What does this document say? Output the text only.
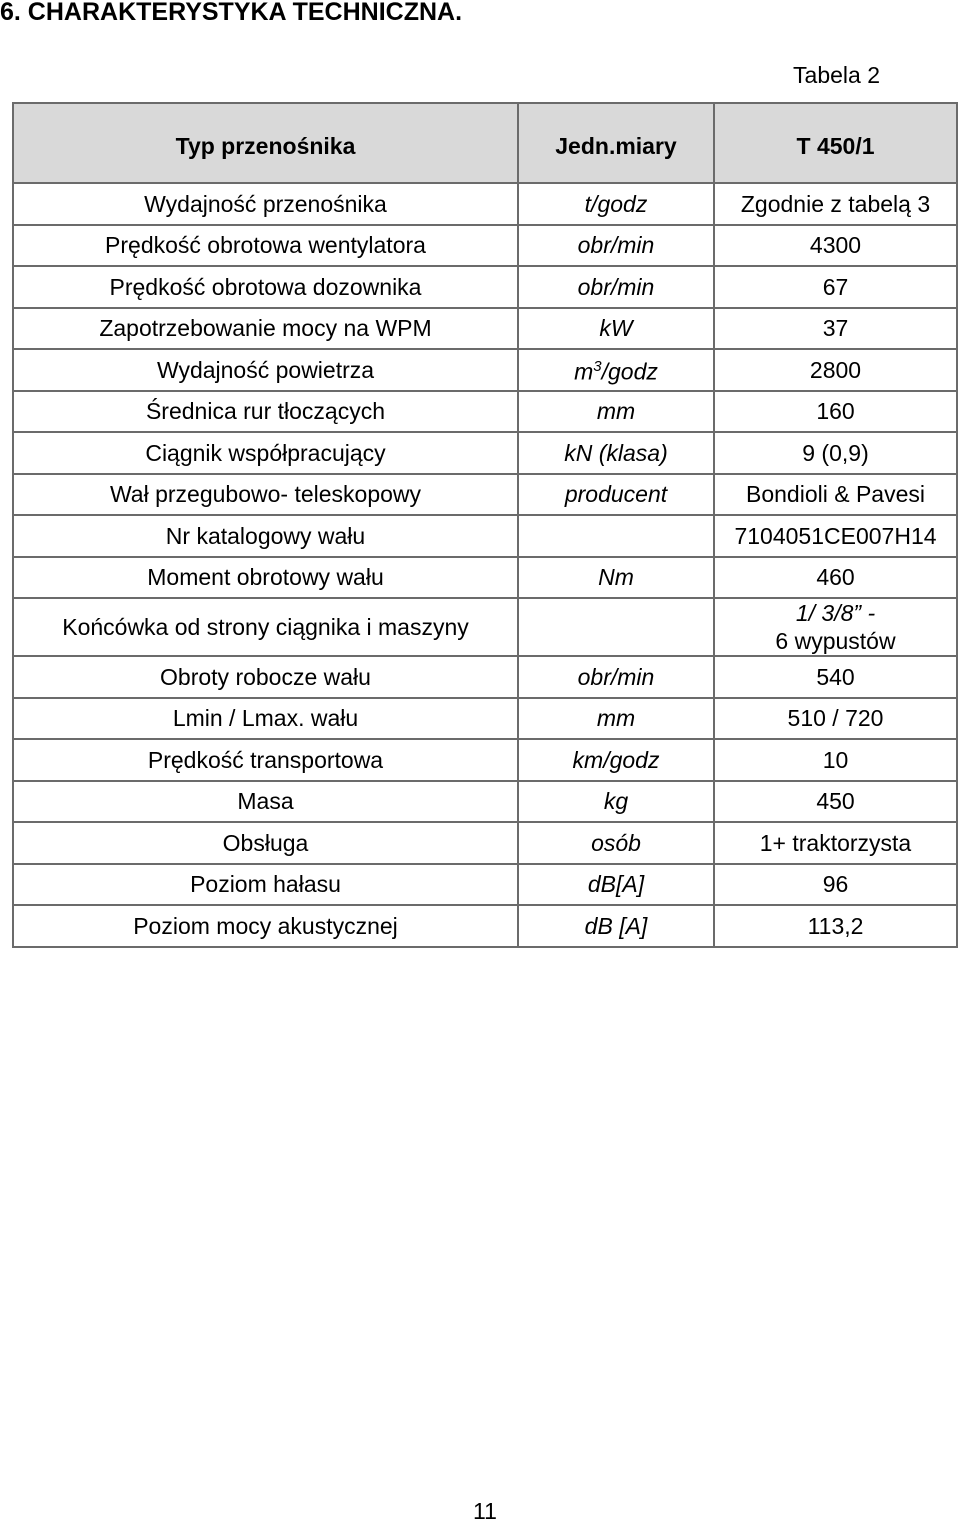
6. CHARAKTERYSTYKA TECHNICZNA.
Tabela 2
Typ przenośnika	Jedn.miary	T 450/1
Wydajność przenośnika	t/godz	Zgodnie z tabelą 3
Prędkość obrotowa wentylatora	obr/min	4300
Prędkość obrotowa dozownika	obr/min	67
Zapotrzebowanie mocy na WPM	kW	37
Wydajność powietrza	$m^3$/godz	2800
Średnica rur tłoczących	mm	160
Ciągnik współpracujący	kN (klasa)	9 (0,9)
Wał przegubowo- teleskopowy	producent	Bondioli & Pavesi
Nr katalogowy wału		7104051CE007H14
Moment obrotowy wału	Nm	460
Końcówka od strony ciągnika i maszyny		1/ 3/8” -
6 wypustów

Obroty robocze wału	obr/min	540
Lmin / Lmax. wału	mm	510 / 720
Prędkość transportowa	km/godz	10
Masa	kg	450
Obsługa	osób	1+ traktorzysta
Poziom hałasu	dB[A]	96
Poziom mocy akustycznej	dB [A]	113,2
11
